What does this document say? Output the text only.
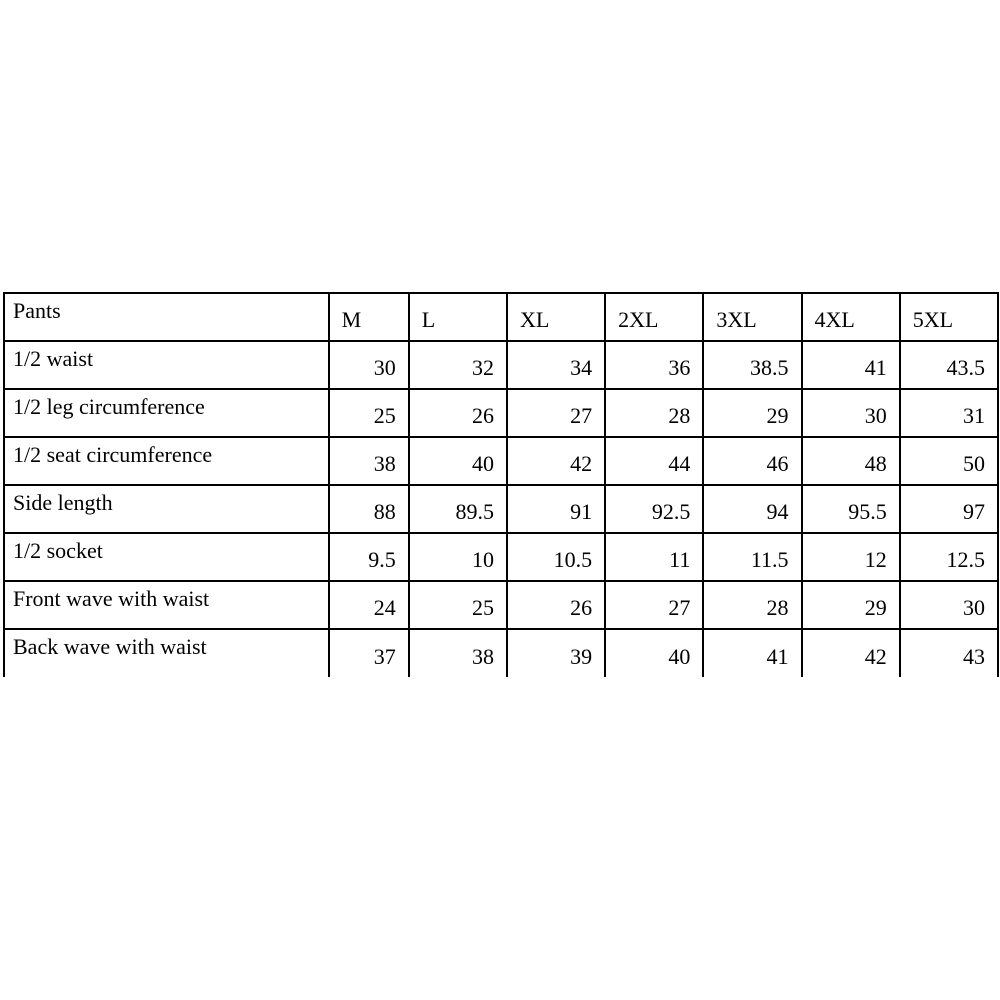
Pants	M	L	XL	2XL	3XL	4XL	5XL
1/2 waist	30	32	34	36	38.5	41	43.5
1/2 leg circumference	25	26	27	28	29	30	31
1/2 seat circumference	38	40	42	44	46	48	50
Side length	88	89.5	91	92.5	94	95.5	97
1/2 socket	9.5	10	10.5	11	11.5	12	12.5
Front wave with waist	24	25	26	27	28	29	30
Back wave with waist	37	38	39	40	41	42	43
